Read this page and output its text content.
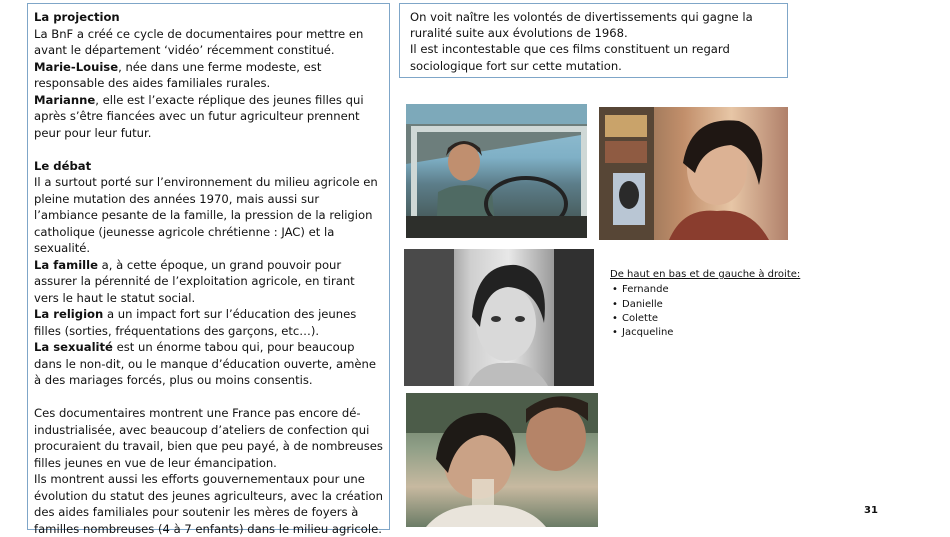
La projection

La BnF a créé ce cycle de documentaires pour mettre en avant le département ‘vidéo’ récemment constitué.

Marie-Louise, née dans une ferme modeste, est responsable des aides familiales rurales.

Marianne, elle est l’exacte réplique des jeunes filles qui après s’être fiancées avec un futur agriculteur prennent peur pour leur futur.

Le débat

Il a surtout porté sur l’environnement du milieu agricole en pleine mutation des années 1970, mais aussi sur l’ambiance pesante de la famille, la pression de la religion catholique (jeunesse agricole chrétienne : JAC) et la sexualité.

La famille a, à cette époque, un grand pouvoir pour assurer la pérennité de l’exploitation agricole, en tirant vers le haut le statut social.

La religion a un impact fort sur l’éducation des jeunes filles (sorties, fréquentations des garçons, etc…).

La sexualité est un énorme tabou qui, pour beaucoup dans le non-dit, ou le manque d’éducation ouverte, amène à des mariages forcés, plus ou moins consentis.

Ces documentaires montrent une France pas encore dé-industrialisée, avec beaucoup d’ateliers de confection qui procuraient du travail, bien que peu payé, à de nombreuses filles jeunes en vue de leur émancipation.

Ils montrent aussi les efforts gouvernementaux pour une évolution du statut des jeunes agriculteurs, avec la création des aides familiales pour soutenir les mères de foyers à familles nombreuses (4 à 7 enfants) dans le milieu agricole.

On voit naître les volontés de divertissements qui gagne la ruralité suite aux évolutions de 1968.

Il est incontestable que ces films constituent un regard sociologique fort sur cette mutation.

De haut en bas et de gauche à droite:
• Fernande
• Danielle
• Colette
• Jacqueline
31
